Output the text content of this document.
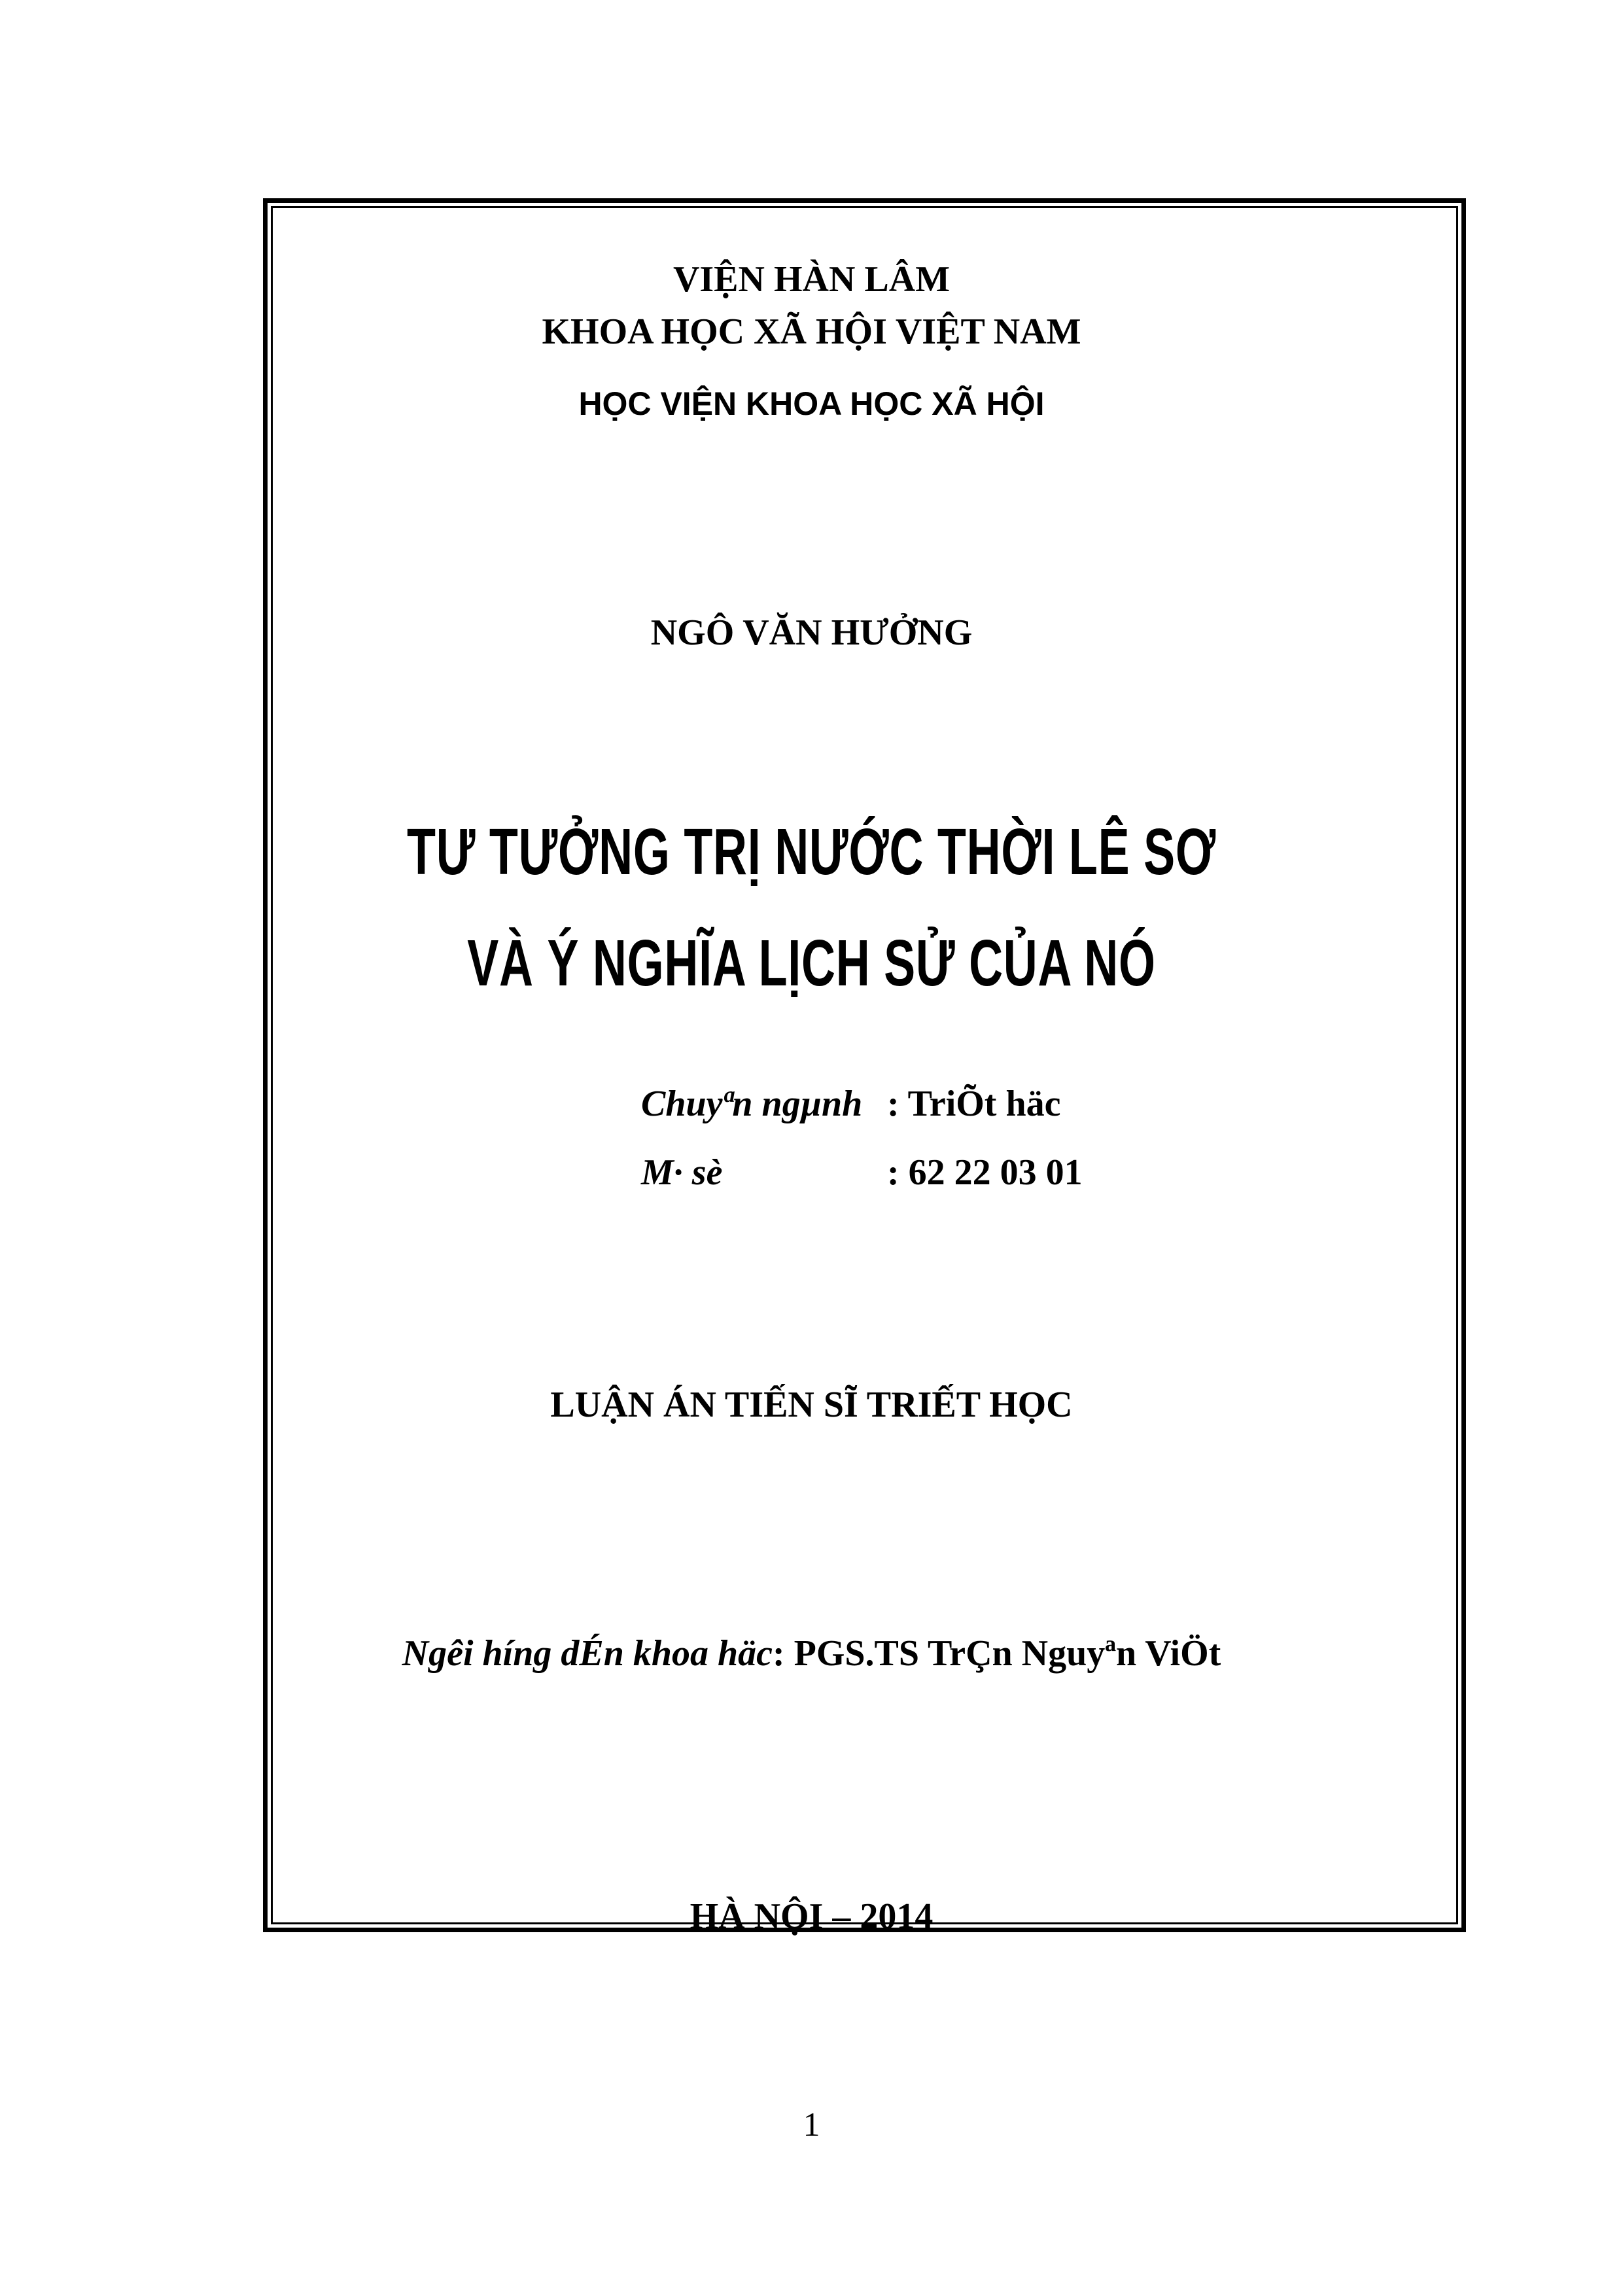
VIỆN HÀN LÂM
KHOA HỌC XÃ HỘI VIỆT NAM
HỌC VIỆN KHOA HỌC XÃ HỘI
NGÔ VĂN HƯỞNG
TƯ TƯỞNG TRỊ NƯỚC THỜI LÊ SƠ
VÀ Ý NGHĨA LỊCH SỬ CỦA NÓ
Chuyªn ngµnh : TriÕt häc
M· sè	: 62 22 03 01
LUẬN ÁN TIẾN SĨ TRIẾT HỌC
Ngêi híng dÉn khoa häc: PGS.TS TrÇn Nguyªn ViÖt
HÀ NỘI – 2014
1
